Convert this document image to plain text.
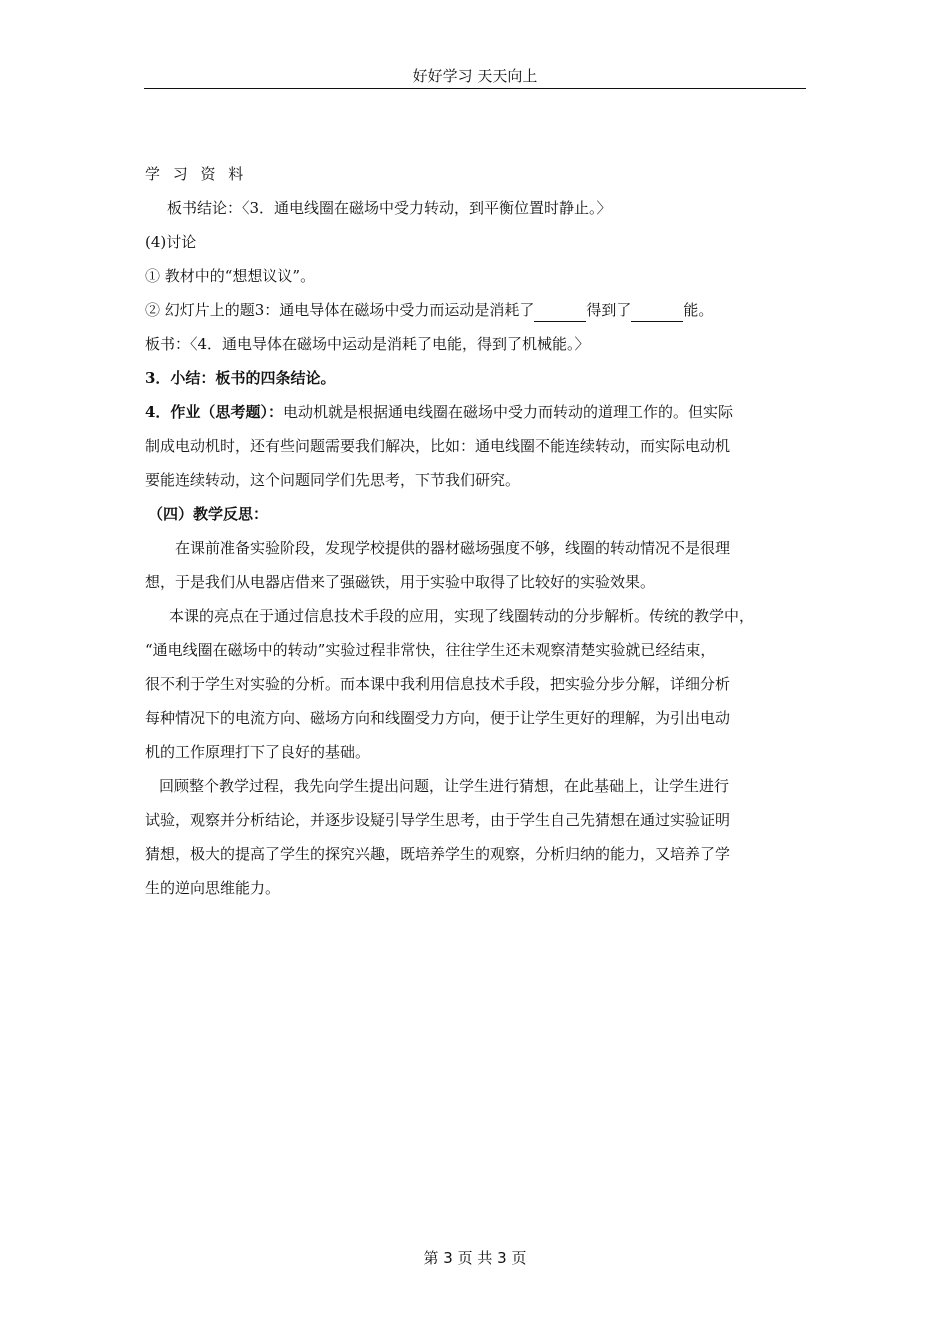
好好学习 天天向上
学 习 资 料
板书结论：〈3．通电线圈在磁场中受力转动，到平衡位置时静止。〉
(4)讨论
① 教材中的“想想议议”。
② 幻灯片上的题3：通电导体在磁场中受力而运动是消耗了	得到了	能。
板书：〈4．通电导体在磁场中运动是消耗了电能，得到了机械能。〉
3．小结：板书的四条结论。
4．作业（思考题）：电动机就是根据通电线圈在磁场中受力而转动的道理工作的。但实际
制成电动机时，还有些问题需要我们解决，比如：通电线圈不能连续转动，而实际电动机
要能连续转动，这个问题同学们先思考，下节我们研究。
（四）教学反思：
在课前准备实验阶段，发现学校提供的器材磁场强度不够，线圈的转动情况不是很理
想，于是我们从电器店借来了强磁铁，用于实验中取得了比较好的实验效果。
本课的亮点在于通过信息技术手段的应用，实现了线圈转动的分步解析。传统的教学中，
“通电线圈在磁场中的转动”实验过程非常快，往往学生还未观察清楚实验就已经结束，
很不利于学生对实验的分析。而本课中我利用信息技术手段，把实验分步分解，详细分析
每种情况下的电流方向、磁场方向和线圈受力方向，便于让学生更好的理解，为引出电动
机的工作原理打下了良好的基础。
回顾整个教学过程，我先向学生提出问题，让学生进行猜想，在此基础上，让学生进行
试验，观察并分析结论，并逐步设疑引导学生思考，由于学生自己先猜想在通过实验证明
猜想，极大的提高了学生的探究兴趣，既培养学生的观察，分析归纳的能力，又培养了学
生的逆向思维能力。
第 3 页 共 3 页
